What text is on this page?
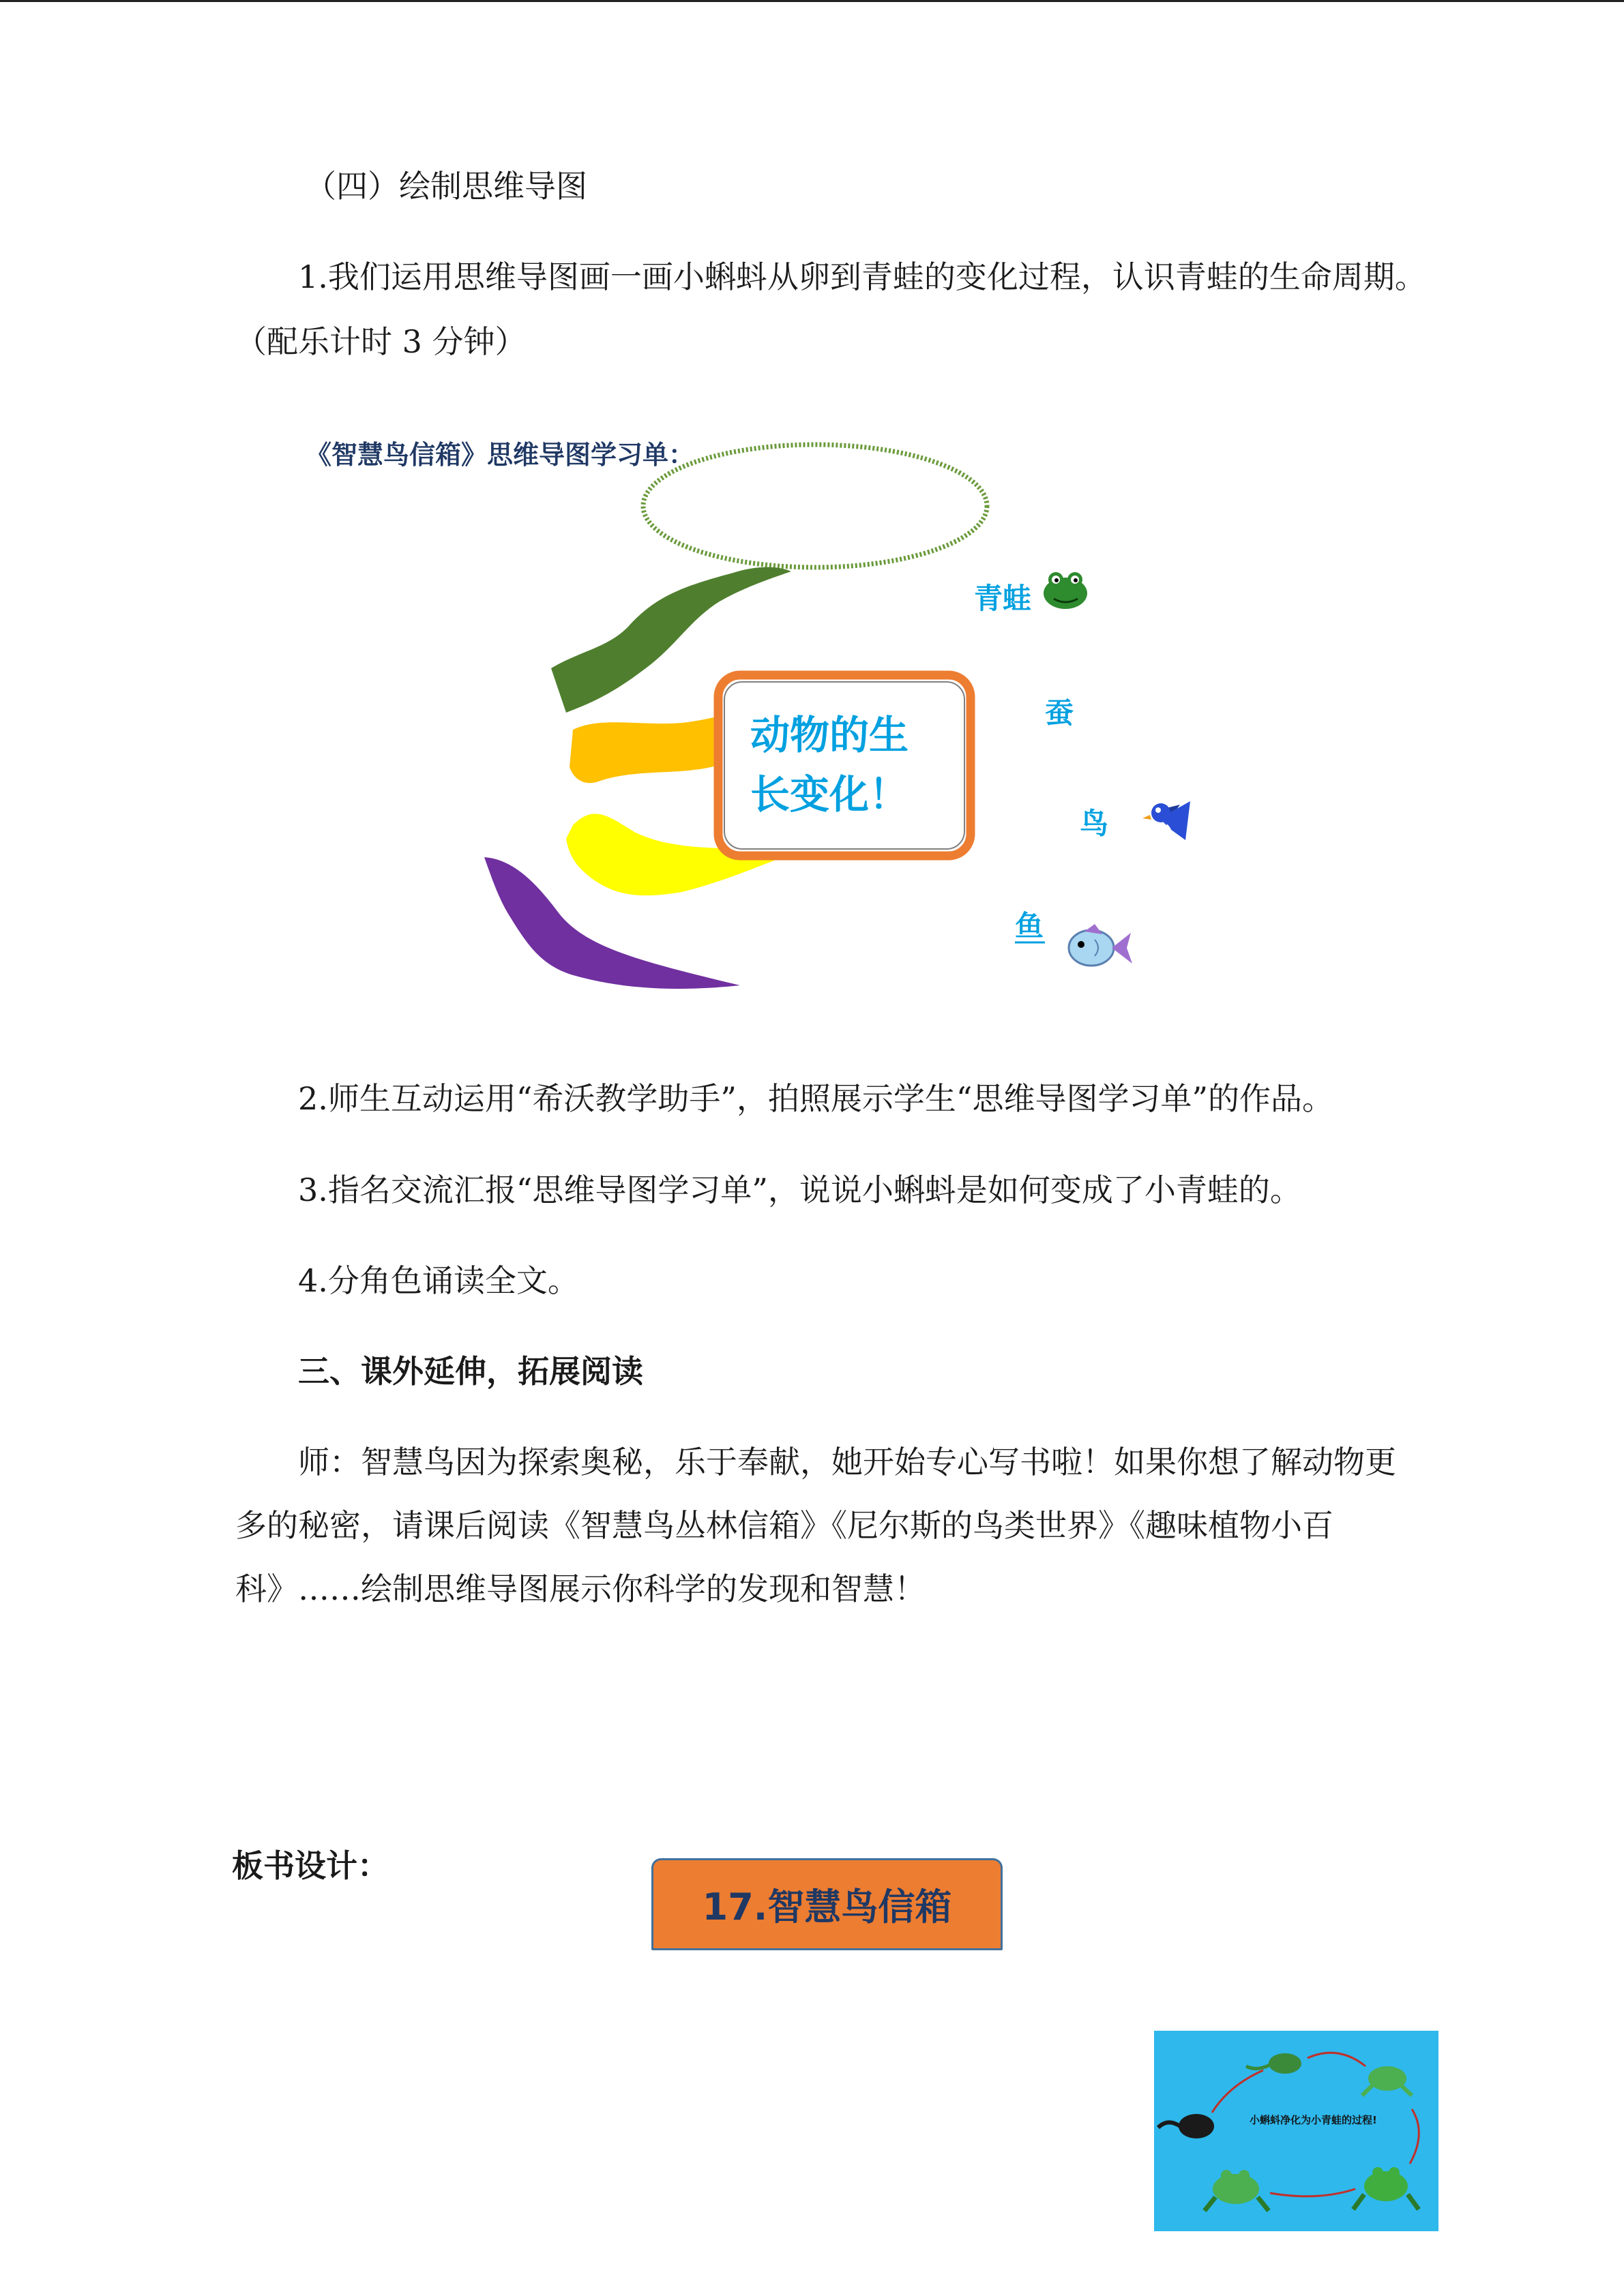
（四）绘制思维导图
1.我们运用思维导图画一画小蝌蚪从卵到青蛙的变化过程，认识青蛙的生命周期。
（配乐计时 3 分钟）
《智慧鸟信箱》思维导图学习单：
动物的生
长变化！
青蛙
蚕
鸟
鱼
2.师生互动运用“希沃教学助手”，拍照展示学生“思维导图学习单”的作品。
3.指名交流汇报“思维导图学习单”，说说小蝌蚪是如何变成了小青蛙的。
4.分角色诵读全文。
三、课外延伸，拓展阅读
师：智慧鸟因为探索奥秘，乐于奉献，她开始专心写书啦！如果你想了解动物更
多的秘密，请课后阅读《智慧鸟丛林信箱》《尼尔斯的鸟类世界》《趣味植物小百
科》……绘制思维导图展示你科学的发现和智慧！
板书设计：
17.智慧鸟信箱
小蝌蚪净化为小青蛙的过程!
